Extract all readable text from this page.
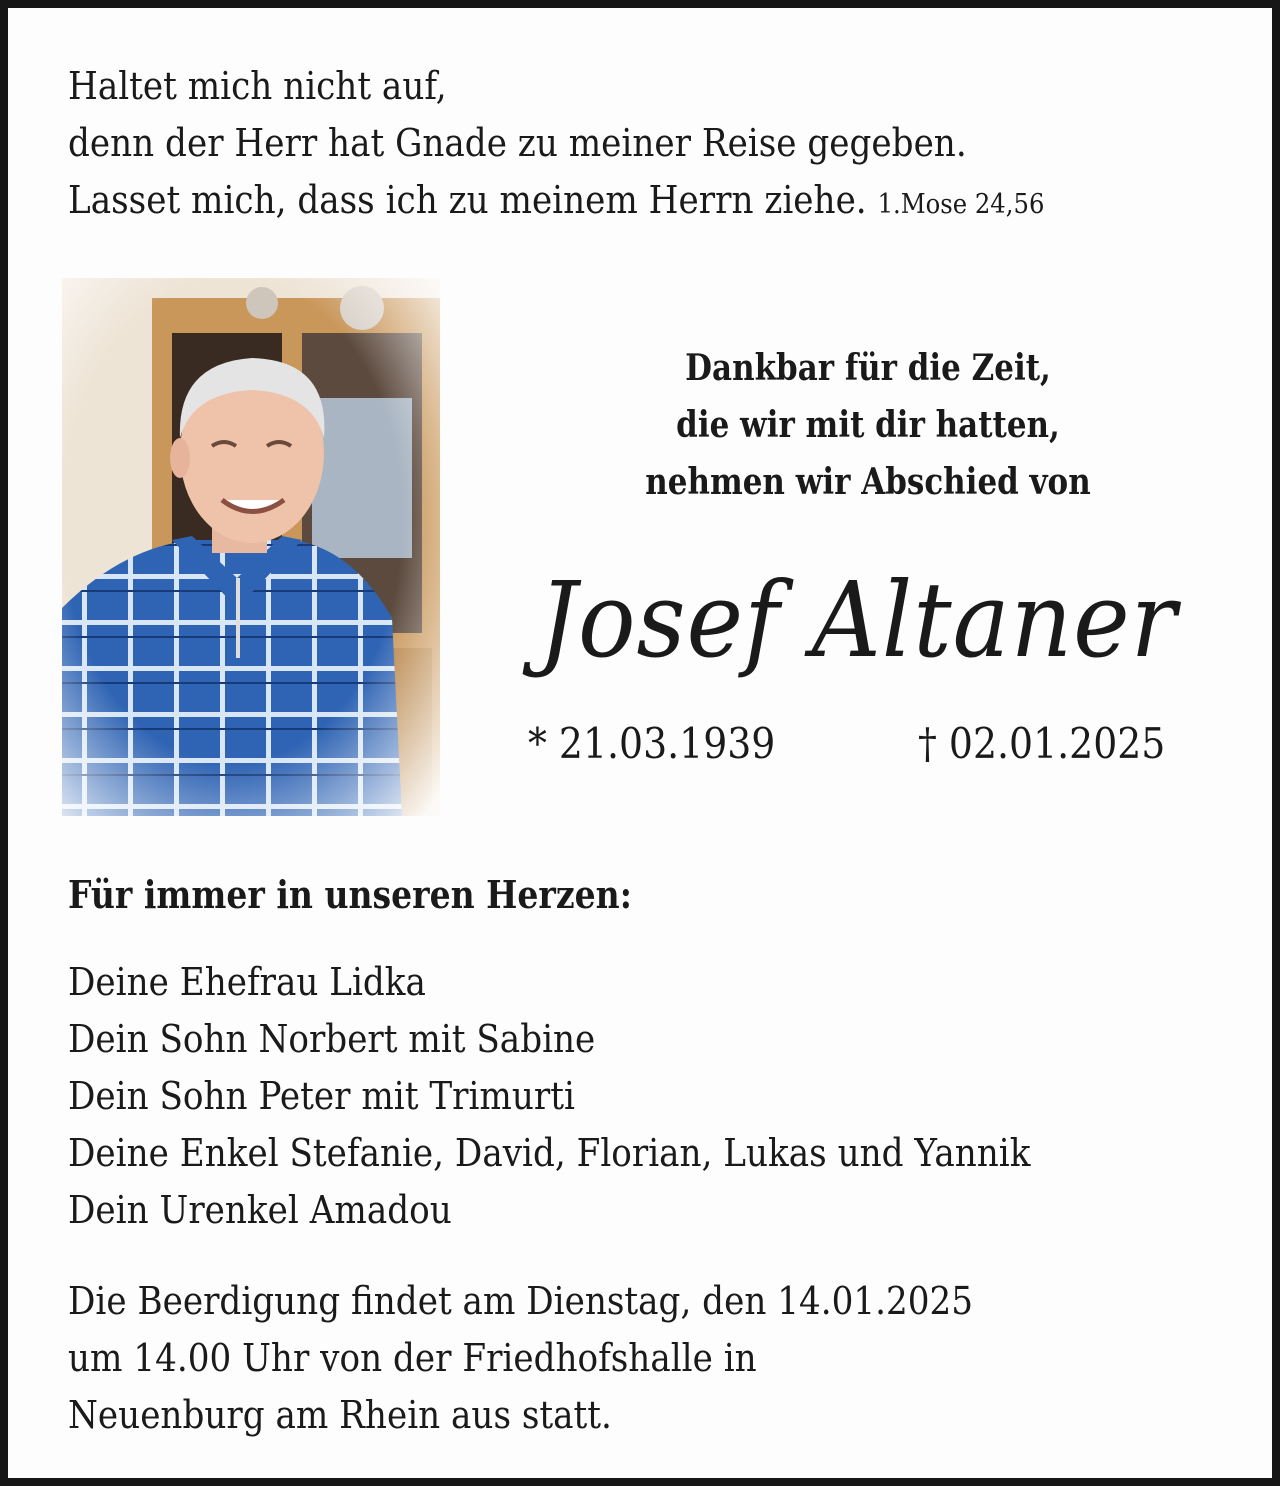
Haltet mich nicht auf,
denn der Herr hat Gnade zu meiner Reise gegeben.
Lasset mich, dass ich zu meinem Herrn ziehe. 1.Mose 24,56
Dankbar für die Zeit,
die wir mit dir hatten,
nehmen wir Abschied von
Josef Altaner
* 21.03.1939	† 02.01.2025
Für immer in unseren Herzen:
Deine Ehefrau Lidka
Dein Sohn Norbert mit Sabine
Dein Sohn Peter mit Trimurti
Deine Enkel Stefanie, David, Florian, Lukas und Yannik
Dein Urenkel Amadou
Die Beerdigung findet am Dienstag, den 14.01.2025
um 14.00 Uhr von der Friedhofshalle in
Neuenburg am Rhein aus statt.
